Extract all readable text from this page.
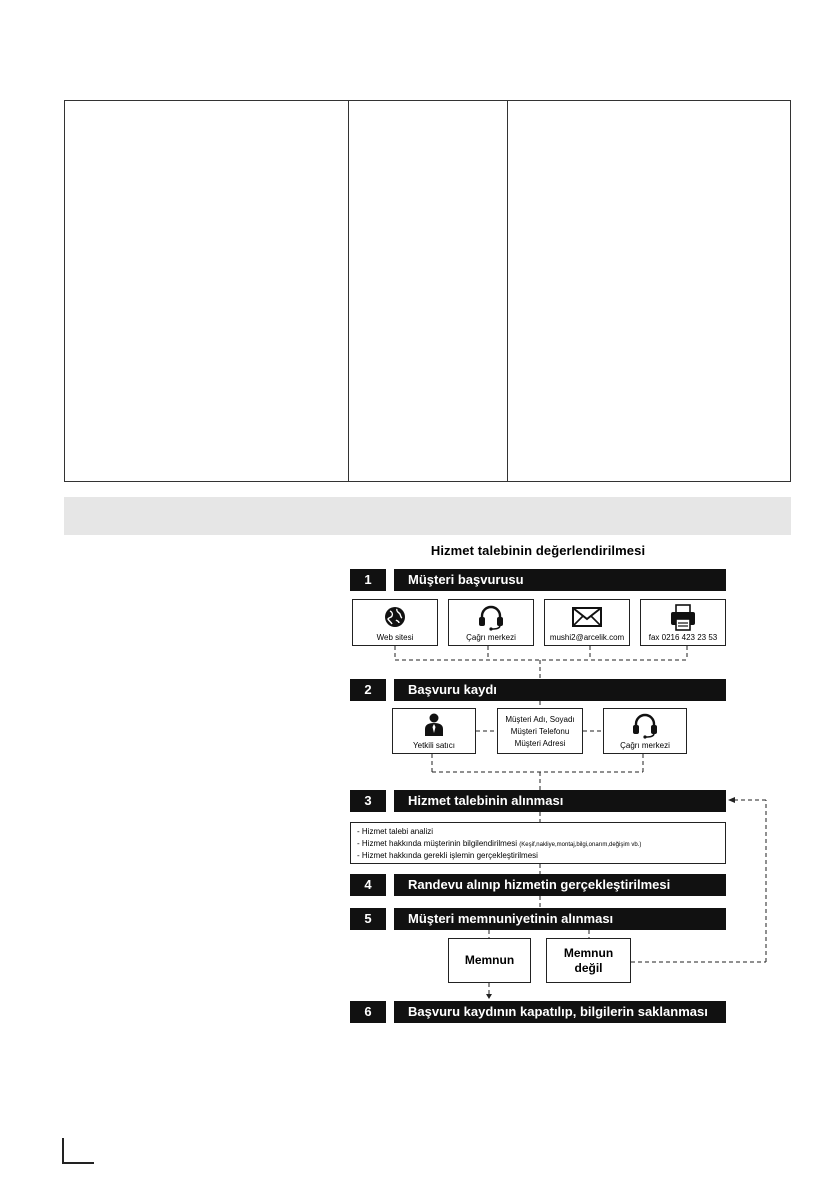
Hizmet talebinin değerlendirilmesi
1	Müşteri başvurusu
Web sitesi	Çağrı merkezi	mushi2@arcelik.com	fax 0216 423 23 53
2	Başvuru kaydı
Yetkili satıcı
Müşteri Adı, Soyadı
Müşteri Telefonu
Müşteri Adresi	Çağrı merkezi
3	Hizmet talebinin alınması
- Hizmet talebi analizi
- Hizmet hakkında müşterinin bilgilendirilmesi (Keşif,nakliye,montaj,bilgi,onarım,değişim vb.)
- Hizmet hakkında gerekli işlemin gerçekleştirilmesi
4	Randevu alınıp hizmetin gerçekleştirilmesi
5	Müşteri memnuniyetinin alınması
Memnun	Memnun
değil
6	Başvuru kaydının kapatılıp, bilgilerin saklanması
